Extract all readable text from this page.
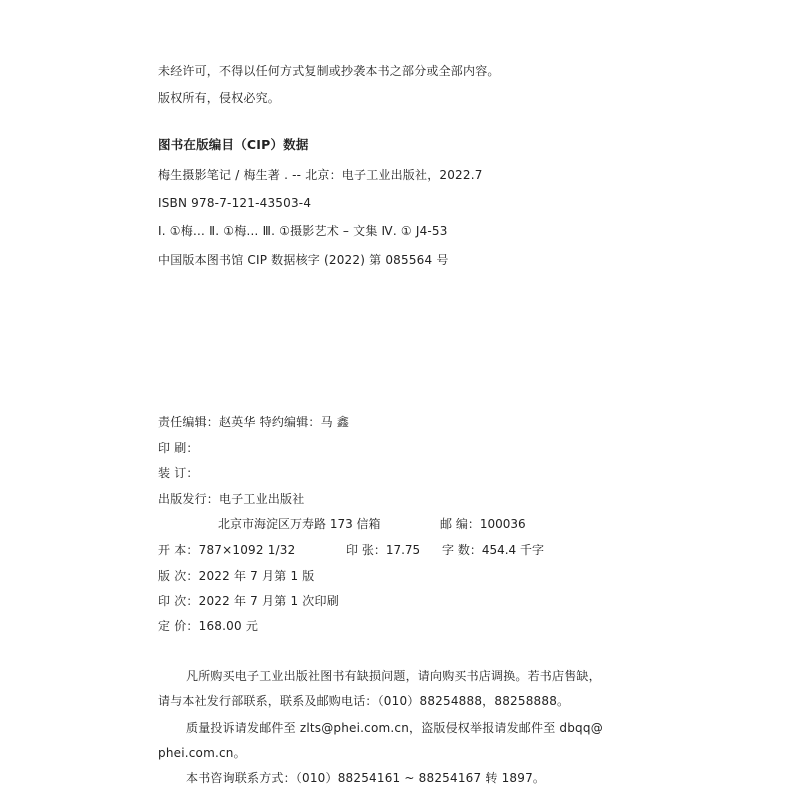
未经许可，不得以任何方式复制或抄袭本书之部分或全部内容。
版权所有，侵权必究。
图书在版编目（CIP）数据
梅生摄影笔记 / 梅生著 . -- 北京：电子工业出版社，2022.7
ISBN 978-7-121-43503-4
Ⅰ. ①梅… Ⅱ. ①梅… Ⅲ. ①摄影艺术 – 文集 Ⅳ. ① J4-53
中国版本图书馆 CIP 数据核字 (2022) 第 085564 号
责任编辑：赵英华 特约编辑：马 鑫
印 刷：
装 订：
出版发行：电子工业出版社
北京市海淀区万寿路 173 信箱	邮 编：100036
开 本：787×1092 1/32	印 张：17.75 字 数：454.4 千字
版 次：2022 年 7 月第 1 版
印 次：2022 年 7 月第 1 次印刷
定 价：168.00 元
凡所购买电子工业出版社图书有缺损问题，请向购买书店调换。若书店售缺，
请与本社发行部联系，联系及邮购电话：（010）88254888，88258888。
质量投诉请发邮件至 zlts@phei.com.cn，盗版侵权举报请发邮件至 dbqq@
phei.com.cn。
本书咨询联系方式：（010）88254161 ~ 88254167 转 1897。
